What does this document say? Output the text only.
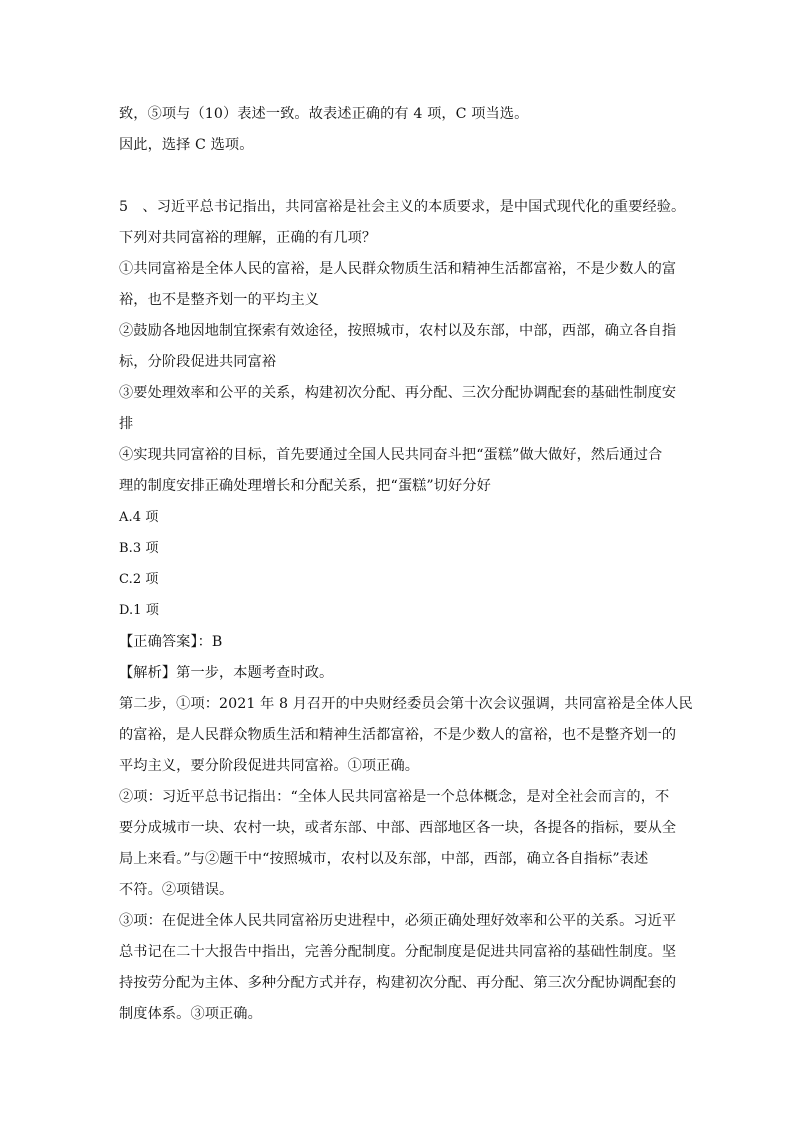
致，⑤项与（10）表述一致。故表述正确的有 4 项，C 项当选。
因此，选择 C 选项。
5　、习近平总书记指出，共同富裕是社会主义的本质要求，是中国式现代化的重要经验。
下列对共同富裕的理解，正确的有几项？
①共同富裕是全体人民的富裕，是人民群众物质生活和精神生活都富裕，不是少数人的富
裕，也不是整齐划一的平均主义
②鼓励各地因地制宜探索有效途径，按照城市，农村以及东部，中部，西部，确立各自指
标，分阶段促进共同富裕
③要处理效率和公平的关系，构建初次分配、再分配、三次分配协调配套的基础性制度安
排
④实现共同富裕的目标，首先要通过全国人民共同奋斗把“蛋糕”做大做好，然后通过合
理的制度安排正确处理增长和分配关系，把“蛋糕”切好分好
A.4 项
B.3 项
C.2 项
D.1 项
【正确答案】：B
【解析】第一步，本题考查时政。
第二步，①项：2021 年 8 月召开的中央财经委员会第十次会议强调，共同富裕是全体人民
的富裕，是人民群众物质生活和精神生活都富裕，不是少数人的富裕，也不是整齐划一的
平均主义，要分阶段促进共同富裕。①项正确。
②项：习近平总书记指出：“全体人民共同富裕是一个总体概念，是对全社会而言的，不
要分成城市一块、农村一块，或者东部、中部、西部地区各一块，各提各的指标，要从全
局上来看。”与②题干中“按照城市，农村以及东部，中部，西部，确立各自指标”表述
不符。②项错误。
③项：在促进全体人民共同富裕历史进程中，必须正确处理好效率和公平的关系。习近平
总书记在二十大报告中指出，完善分配制度。分配制度是促进共同富裕的基础性制度。坚
持按劳分配为主体、多种分配方式并存，构建初次分配、再分配、第三次分配协调配套的
制度体系。③项正确。
